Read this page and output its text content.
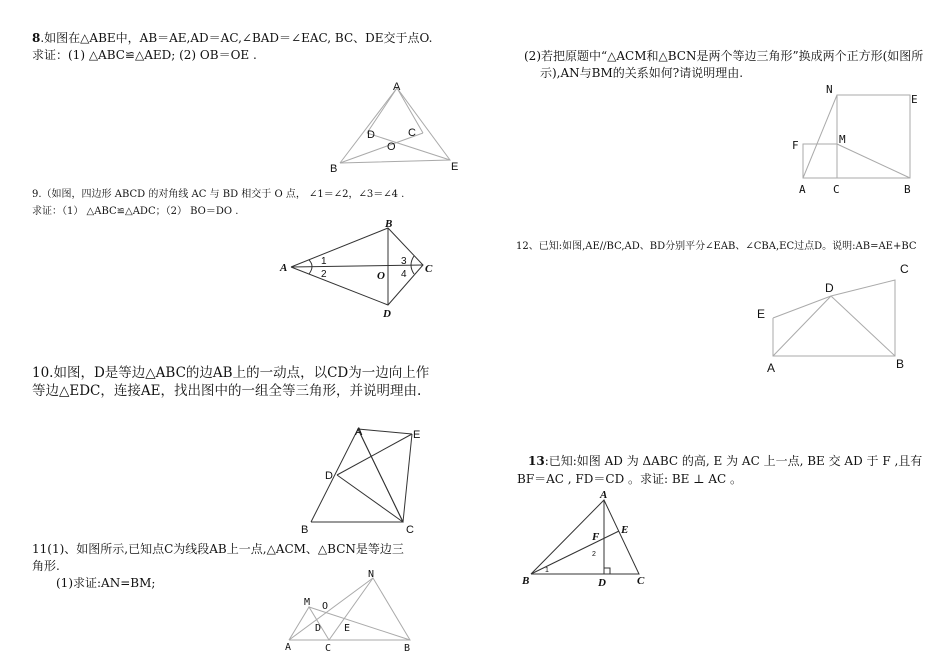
8.如图在△ABE中，AB＝AE,AD＝AC,∠BAD＝∠EAC, BC、DE交于点O.
求证：(1) △ABC≌△AED; (2) OB＝OE .
9.（如图，四边形 ABCD 的对角线 AC 与 BD 相交于 O 点， ∠1＝∠2，∠3＝∠4 .
求证：（1） △ABC≌△ADC；（2） BO＝DO .
10.如图，D是等边△ABC的边AB上的一动点，以CD为一边向上作
等边△EDC，连接AE，找出图中的一组全等三角形，并说明理由.
11(1)、如图所示,已知点C为线段AB上一点,△ACM、△BCN是等边三
角形.
(1)求证:AN=BM;
(2)若把原题中“△ACM和△BCN是两个等边三角形”换成两个正方形(如图所
示),AN与BM的关系如何?请说明理由.
12、已知:如图,AE//BC,AD、BD分别平分∠EAB、∠CBA,EC过点D。说明:AB=AE+BC
13:已知:如图 AD 为 ΔABC 的高, E 为 AC 上一点, BE 交 AD 于 F ,且有
BF＝AC , FD＝CD 。求证: BE ⊥ AC 。
A
D	C
O
B	E
A
B
C
D
O
1
2
3
4
A	E
D
B	C
N
M O
D E
A	C	B
N
E
F	M
A C	B
C
D
E
A	B
A
F
E
2
1
B	D	C
